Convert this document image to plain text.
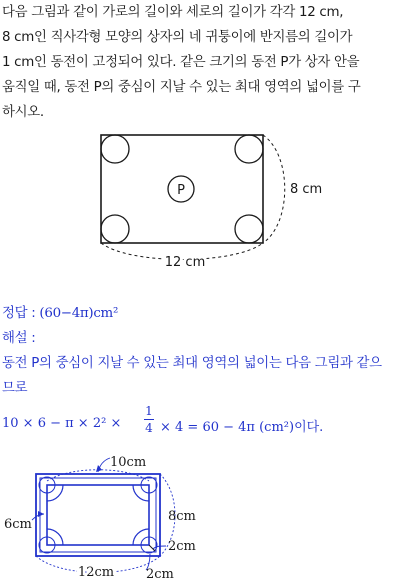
다음 그림과 같이 가로의 길이와 세로의 길이가 각각 12 cm,

8 cm인 직사각형 모양의 상자의 네 귀퉁이에 반지름의 길이가

1 cm인 동전이 고정되어 있다. 같은 크기의 동전 P가 상자 안을

움직일 때, 동전 P의 중심이 지날 수 있는 최대 영역의 넓이를 구

하시오.

P	8 cm
12 cm

정답 : (60−4π)cm²

해설 :

동전 P의 중심이 지날 수 있는 최대 영역의 넓이는 다음 그림과 같으

므로

10 × 6 − π × 2² ×
1
4 × 4 = 60 − 4π (cm²)이다.
10cm
6cm
8cm
2cm
12cm 2cm
